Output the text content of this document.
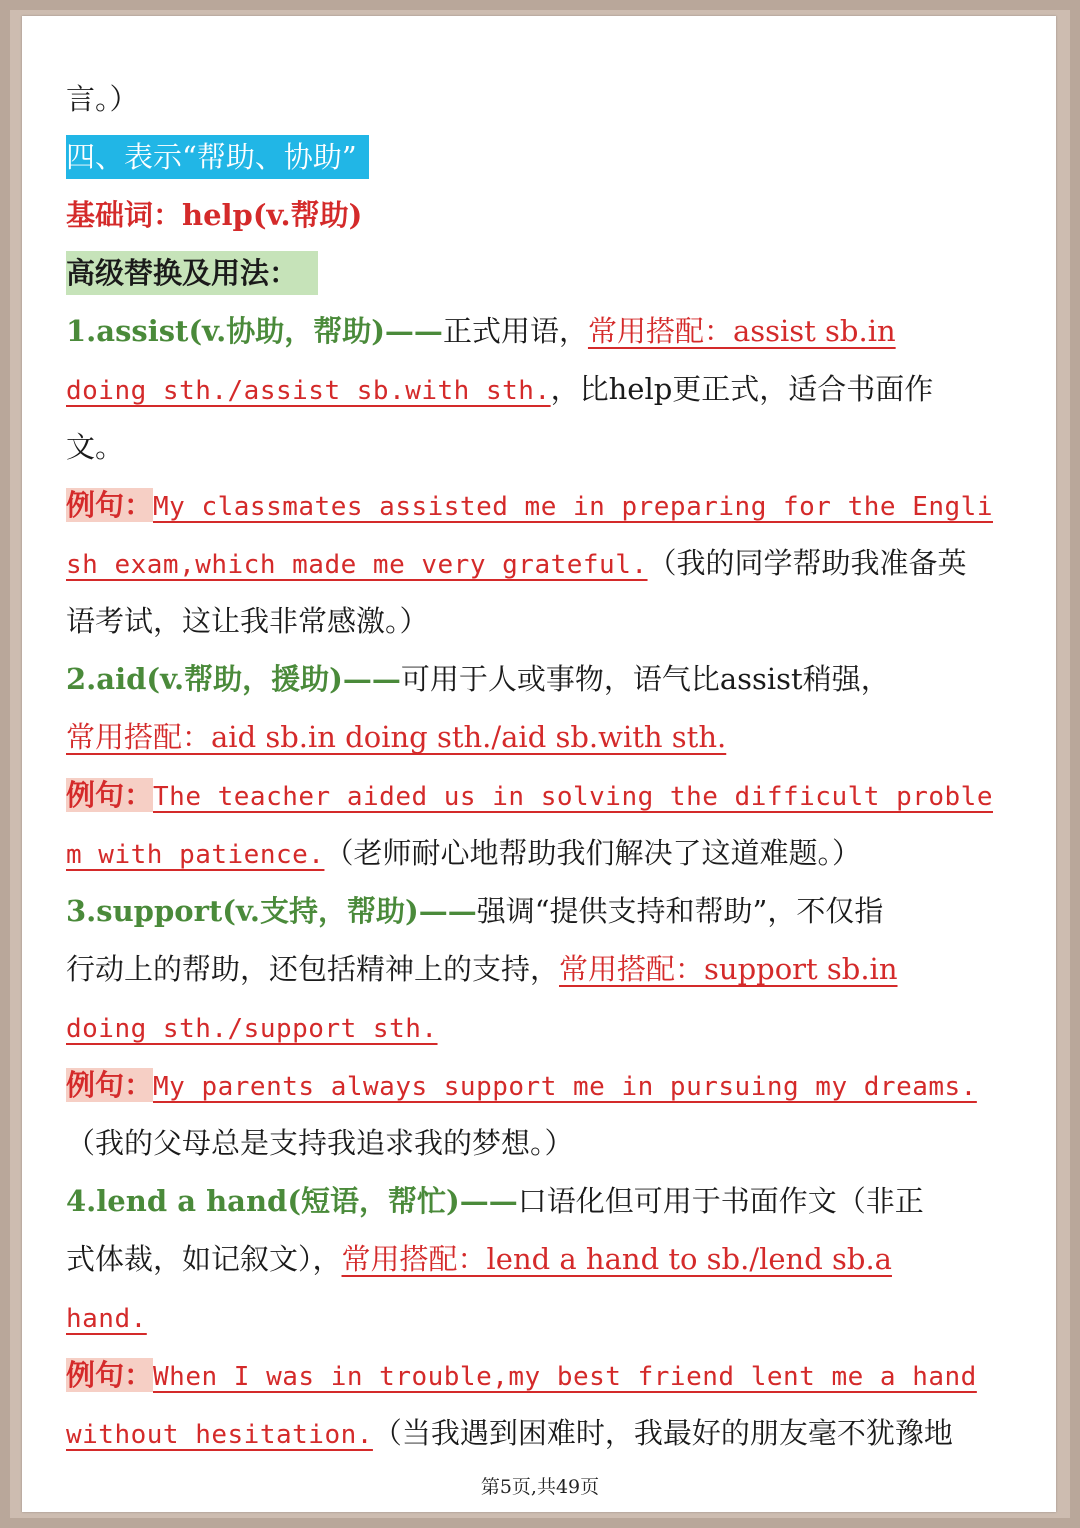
言。）
四、表示“帮助、协助”
基础词：help(v.帮助)
高级替换及用法：
1.assist(v.协助，帮助)——正式用语，常用搭配：assist sb.in
doing sth./assist sb.with sth.，比help更正式，适合书面作
文。
例句：My classmates assisted me in preparing for the Engli
sh exam,which made me very grateful.（我的同学帮助我准备英
语考试，这让我非常感激。）
2.aid(v.帮助，援助)——可用于人或事物，语气比assist稍强，
常用搭配：aid sb.in doing sth./aid sb.with sth.
例句：The teacher aided us in solving the difficult proble
m with patience.（老师耐心地帮助我们解决了这道难题。）
3.support(v.支持，帮助)——强调“提供支持和帮助”，不仅指
行动上的帮助，还包括精神上的支持，常用搭配：support sb.in
doing sth./support sth.
例句：My parents always support me in pursuing my dreams.
（我的父母总是支持我追求我的梦想。）
4.lend a hand(短语，帮忙)——口语化但可用于书面作文（非正
式体裁，如记叙文），常用搭配：lend a hand to sb./lend sb.a
hand.
例句：When I was in trouble,my best friend lent me a hand
without hesitation.（当我遇到困难时，我最好的朋友毫不犹豫地
第5页,共49页
